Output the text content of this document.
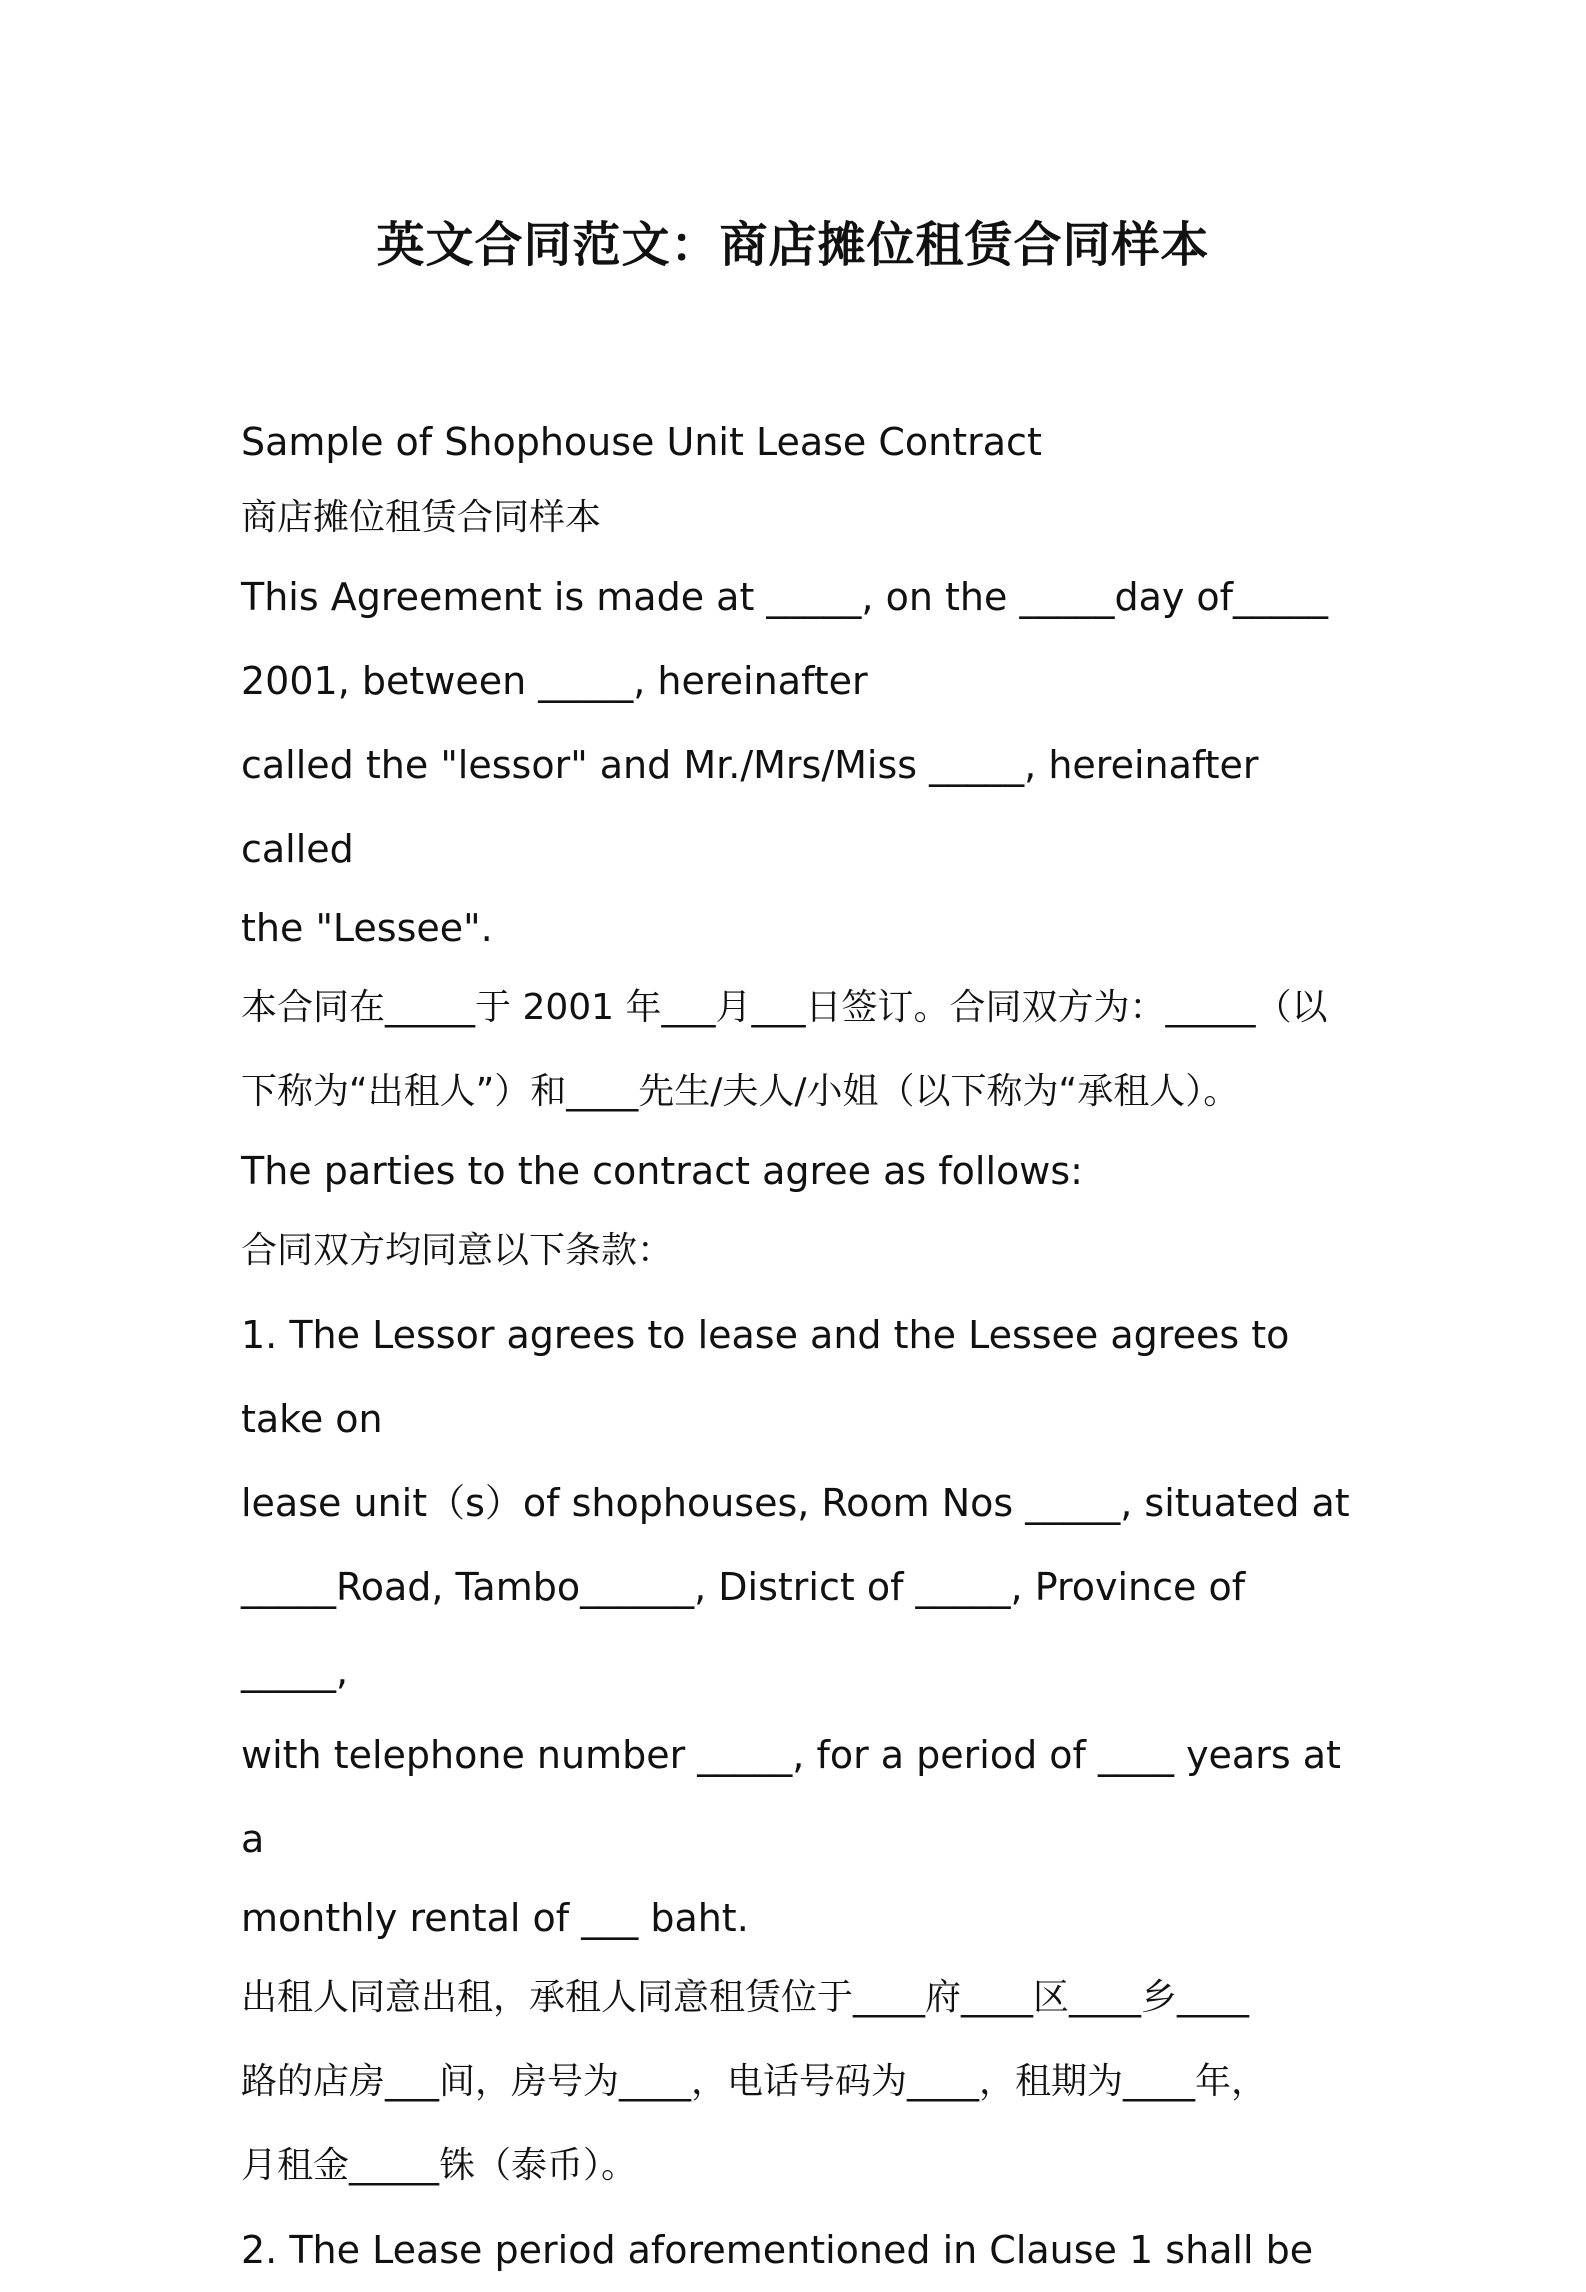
英文合同范文：商店摊位租赁合同样本

Sample of Shophouse Unit Lease Contract

商店摊位租赁合同样本

This Agreement is made at _____, on the _____day of_____

2001, between _____, hereinafter

called the "lessor" and Mr./Mrs/Miss _____, hereinafter called

the "Lessee".

本合同在_____于 2001 年___月___日签订。合同双方为：_____（以

下称为“出租人”）和____先生/夫人/小姐（以下称为“承租人）。

The parties to the contract agree as follows:

合同双方均同意以下条款：

1. The Lessor agrees to lease and the Lessee agrees to take on

lease unit（s）of shophouses, Room Nos _____, situated at

_____Road, Tambo______, District of _____, Province of _____,

with telephone number _____, for a period of ____ years at a

monthly rental of ___ baht.

出租人同意出租，承租人同意租赁位于____府____区____乡____

路的店房___间，房号为____，电话号码为____，租期为____年，

月租金_____铢（泰币）。

2. The Lease period aforementioned in Clause 1 shall be
